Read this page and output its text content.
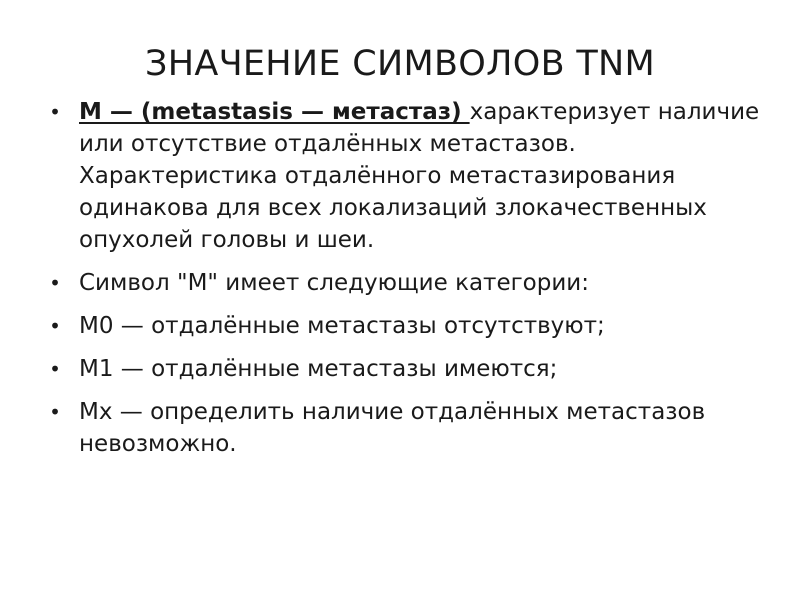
ЗНАЧЕНИЕ СИМВОЛОВ TNM
• M — (metastasis — метастаз) характеризует наличие или отсутствие отдалённых метастазов. Характеристика отдалённого метастазирования одинакова для всех локализаций злокачественных опухолей головы и шеи.
• Символ "М" имеет следующие категории:
• М0 — отдалённые метастазы отсутствуют;
• М1 — отдалённые метастазы имеются;
• Мх — определить наличие отдалённых метастазов невозможно.
